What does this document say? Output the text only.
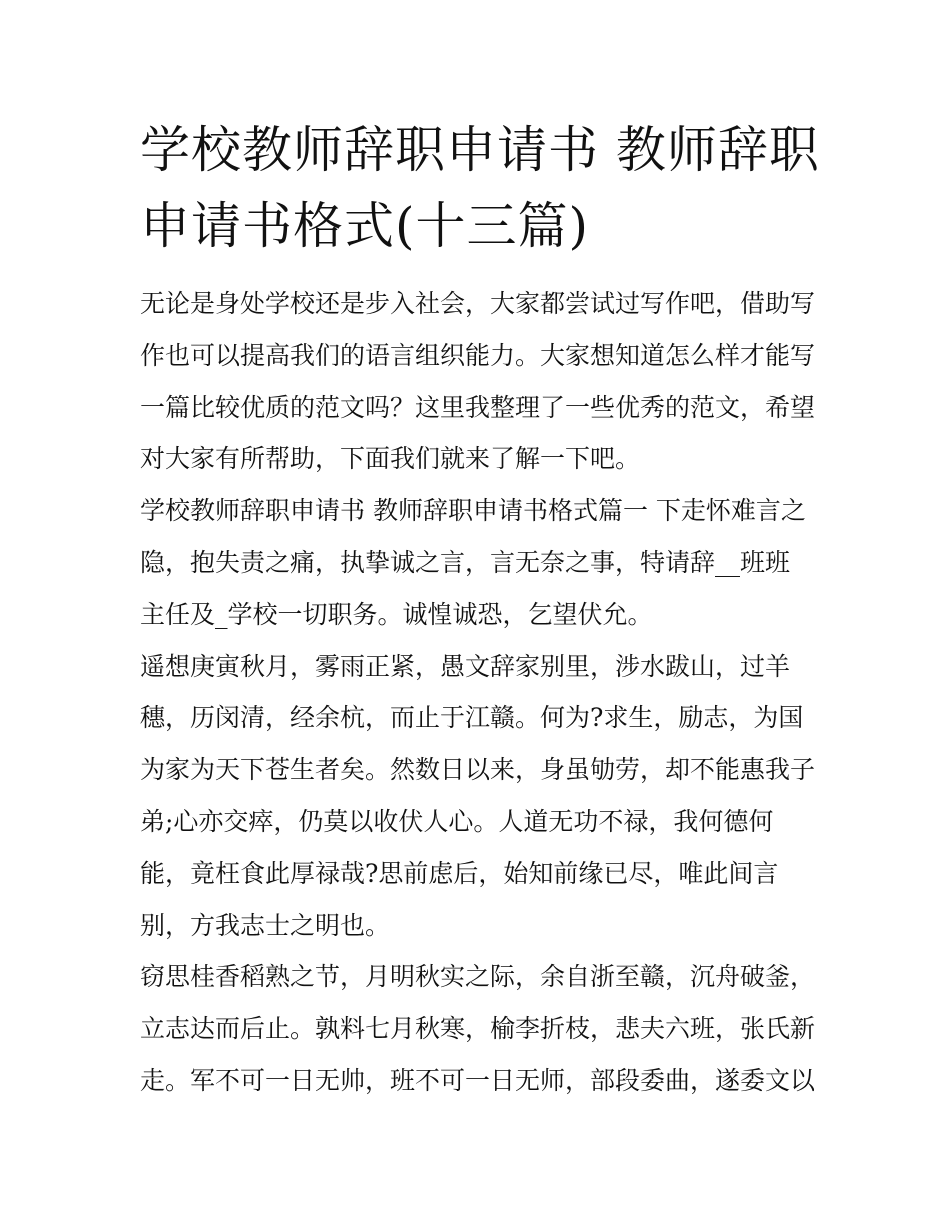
学校教师辞职申请书 教师辞职
申请书格式(十三篇)
无论是身处学校还是步入社会，大家都尝试过写作吧，借助写
作也可以提高我们的语言组织能力。大家想知道怎么样才能写
一篇比较优质的范文吗？这里我整理了一些优秀的范文，希望
对大家有所帮助，下面我们就来了解一下吧。
学校教师辞职申请书 教师辞职申请书格式篇一 下走怀难言之
隐，抱失责之痛，执挚诚之言，言无奈之事，特请辞__班班
主任及_学校一切职务。诚惶诚恐，乞望伏允。
遥想庚寅秋月，雾雨正紧，愚文辞家别里，涉水跋山，过羊
穗，历闵清，经余杭，而止于江赣。何为?求生，励志，为国
为家为天下苍生者矣。然数日以来，身虽劬劳，却不能惠我子
弟;心亦交瘁，仍莫以收伏人心。人道无功不禄，我何德何
能，竟枉食此厚禄哉?思前虑后，始知前缘已尽，唯此间言
别，方我志士之明也。
窃思桂香稻熟之节，月明秋实之际，余自浙至赣，沉舟破釜，
立志达而后止。孰料七月秋寒，榆李折枝，悲夫六班，张氏新
走。军不可一日无帅，班不可一日无师，部段委曲，遂委文以
